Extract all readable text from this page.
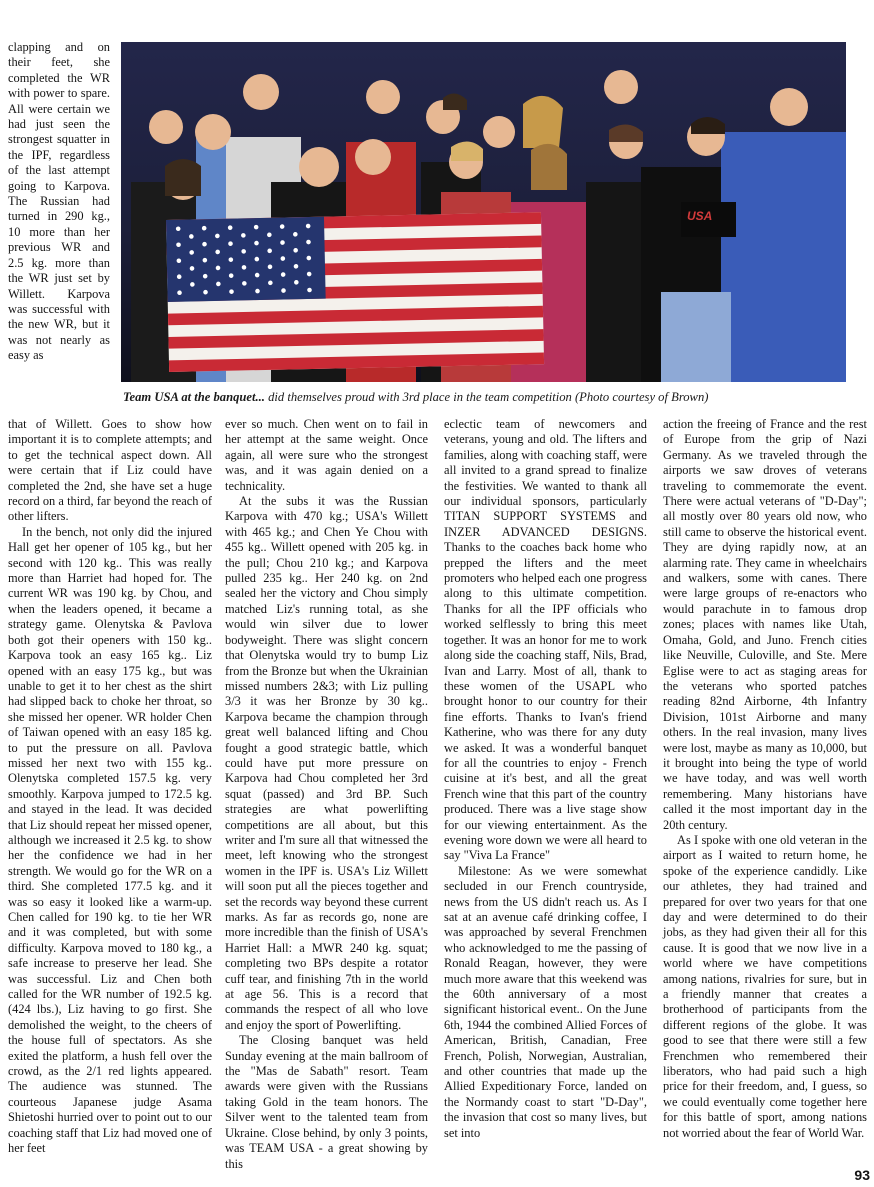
clapping and on their feet, she completed the WR with power to spare. All were certain we had just seen the strongest squatter in the IPF, regardless of the last attempt going to Karpova. The Russian had turned in 290 kg., 10 more than her previous WR and 2.5 kg. more than the WR just set by Willett. Karpova was successful with the new WR, but it was not nearly as easy as

USA
Team USA at the banquet... did themselves proud with 3rd place in the team competition (Photo courtesy of Brown)

that of Willett. Goes to show how important it is to complete attempts; and to get the technical aspect down. All were certain that if Liz could have completed the 2nd, she have set a huge record on a third, far beyond the reach of other lifters.

In the bench, not only did the injured Hall get her opener of 105 kg., but her second with 120 kg.. This was really more than Harriet had hoped for. The current WR was 190 kg. by Chou, and when the leaders opened, it became a strategy game. Olenytska & Pavlova both got their openers with 150 kg.. Karpova took an easy 165 kg.. Liz opened with an easy 175 kg., but was unable to get it to her chest as the shirt had slipped back to choke her throat, so she missed her opener. WR holder Chen of Taiwan opened with an easy 185 kg. to put the pressure on all. Pavlova missed her next two with 155 kg.. Olenytska completed 157.5 kg. very smoothly. Karpova jumped to 172.5 kg. and stayed in the lead. It was decided that Liz should repeat her missed opener, although we increased it 2.5 kg. to show her the confidence we had in her strength. We would go for the WR on a third. She completed 177.5 kg. and it was so easy it looked like a warm-up. Chen called for 190 kg. to tie her WR and it was completed, but with some difficulty. Karpova moved to 180 kg., a safe increase to preserve her lead. She was successful. Liz and Chen both called for the WR number of 192.5 kg. (424 lbs.), Liz having to go first. She demolished the weight, to the cheers of the house full of spectators. As she exited the platform, a hush fell over the crowd, as the 2/1 red lights appeared. The audience was stunned. The courteous Japanese judge Asama Shietoshi hurried over to point out to our coaching staff that Liz had moved one of her feet

ever so much. Chen went on to fail in her attempt at the same weight. Once again, all were sure who the strongest was, and it was again denied on a technicality.

At the subs it was the Russian Karpova with 470 kg.; USA's Willett with 465 kg.; and Chen Ye Chou with 455 kg.. Willett opened with 205 kg. in the pull; Chou 210 kg.; and Karpova pulled 235 kg.. Her 240 kg. on 2nd sealed her the victory and Chou simply matched Liz's running total, as she would win silver due to lower bodyweight. There was slight concern that Olenytska would try to bump Liz from the Bronze but when the Ukrainian missed numbers 2&3; with Liz pulling 3/3 it was her Bronze by 30 kg.. Karpova became the champion through great well balanced lifting and Chou fought a good strategic battle, which could have put more pressure on Karpova had Chou completed her 3rd squat (passed) and 3rd BP. Such strategies are what powerlifting competitions are all about, but this writer and I'm sure all that witnessed the meet, left knowing who the strongest women in the IPF is. USA's Liz Willett will soon put all the pieces together and set the records way beyond these current marks. As far as records go, none are more incredible than the finish of USA's Harriet Hall: a MWR 240 kg. squat; completing two BPs despite a rotator cuff tear, and finishing 7th in the world at age 56. This is a record that commands the respect of all who love and enjoy the sport of Powerlifting.

The Closing banquet was held Sunday evening at the main ballroom of the "Mas de Sabath" resort. Team awards were given with the Russians taking Gold in the team honors. The Silver went to the talented team from Ukraine. Close behind, by only 3 points, was TEAM USA - a great showing by this

eclectic team of newcomers and veterans, young and old. The lifters and families, along with coaching staff, were all invited to a grand spread to finalize the festivities. We wanted to thank all our individual sponsors, particularly TITAN SUPPORT SYSTEMS and INZER ADVANCED DESIGNS. Thanks to the coaches back home who prepped the lifters and the meet promoters who helped each one progress along to this ultimate competition. Thanks for all the IPF officials who worked selflessly to bring this meet together. It was an honor for me to work along side the coaching staff, Nils, Brad, Ivan and Larry. Most of all, thank to these women of the USAPL who brought honor to our country for their fine efforts. Thanks to Ivan's friend Katherine, who was there for any duty we asked. It was a wonderful banquet for all the countries to enjoy - French cuisine at it's best, and all the great French wine that this part of the country produced. There was a live stage show for our viewing entertainment. As the evening wore down we were all heard to say "Viva La France"

Milestone: As we were somewhat secluded in our French countryside, news from the US didn't reach us. As I sat at an avenue café drinking coffee, I was approached by several Frenchmen who acknowledged to me the passing of Ronald Reagan, however, they were much more aware that this weekend was the 60th anniversary of a most significant historical event.. On the June 6th, 1944 the combined Allied Forces of American, British, Canadian, Free French, Polish, Norwegian, Australian, and other countries that made up the Allied Expeditionary Force, landed on the Normandy coast to start "D-Day", the invasion that cost so many lives, but set into

action the freeing of France and the rest of Europe from the grip of Nazi Germany. As we traveled through the airports we saw droves of veterans traveling to commemorate the event. There were actual veterans of "D-Day"; all mostly over 80 years old now, who still came to observe the historical event. They are dying rapidly now, at an alarming rate. They came in wheelchairs and walkers, some with canes. There were large groups of re-enactors who would parachute in to famous drop zones; places with names like Utah, Omaha, Gold, and Juno. French cities like Neuville, Culoville, and Ste. Mere Eglise were to act as staging areas for the veterans who sported patches reading 82nd Airborne, 4th Infantry Division, 101st Airborne and many others. In the real invasion, many lives were lost, maybe as many as 10,000, but it brought into being the type of world we have today, and was well worth remembering. Many historians have called it the most important day in the 20th century.

As I spoke with one old veteran in the airport as I waited to return home, he spoke of the experience candidly. Like our athletes, they had trained and prepared for over two years for that one day and were determined to do their jobs, as they had given their all for this cause. It is good that we now live in a world where we have competitions among nations, rivalries for sure, but in a friendly manner that creates a brotherhood of participants from the different regions of the globe. It was good to see that there were still a few Frenchmen who remembered their liberators, who had paid such a high price for their freedom, and, I guess, so we could eventually come together here for this battle of sport, among nations not worried about the fear of World War.

93
